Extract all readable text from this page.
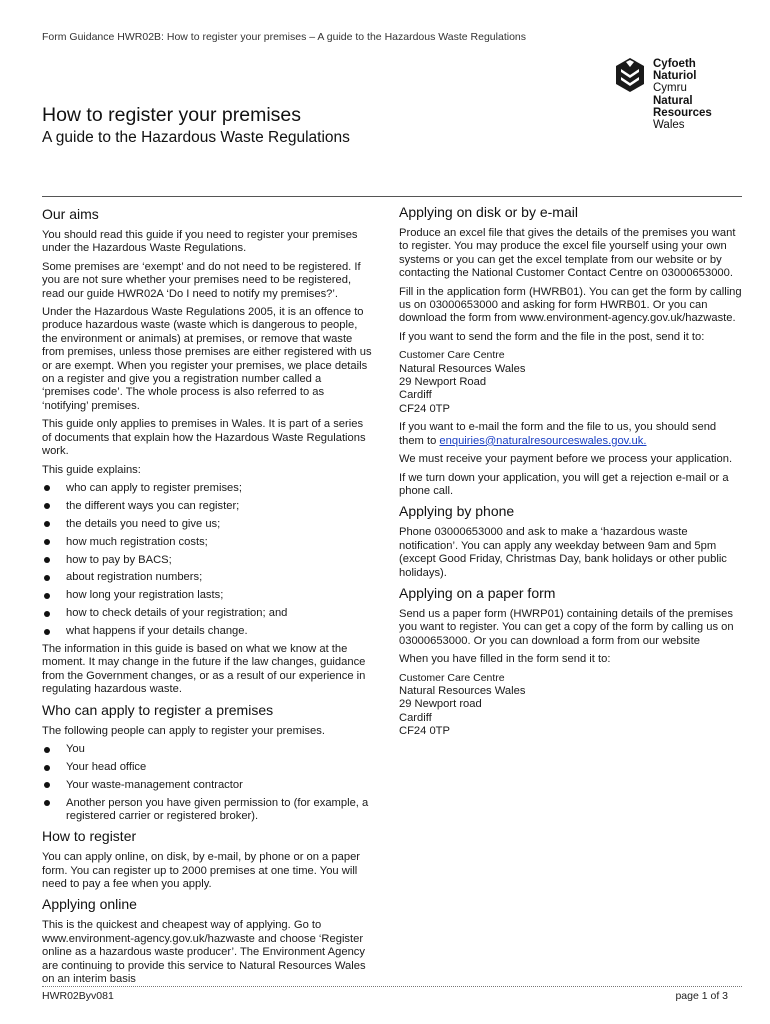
Form Guidance HWR02B: How to register your premises – A guide to the Hazardous Waste Regulations
Cyfoeth
Naturiol
Cymru
Natural
Resources
Wales
How to register your premises
A guide to the Hazardous Waste Regulations
Our aims

You should read this guide if you need to register your premises under the Hazardous Waste Regulations.

Some premises are ‘exempt’ and do not need to be registered. If you are not sure whether your premises need to be registered, read our guide HWR02A ‘Do I need to notify my premises?’.

Under the Hazardous Waste Regulations 2005, it is an offence to produce hazardous waste (waste which is dangerous to people, the environment or animals) at premises, or remove that waste from premises, unless those premises are either registered with us or are exempt. When you register your premises, we place details on a register and give you a registration number called a ‘premises code’. The whole process is also referred to as ‘notifying’ premises.

This guide only applies to premises in Wales. It is part of a series of documents that explain how the Hazardous Waste Regulations work.

This guide explains:

who can apply to register premises;
the different ways you can register;
the details you need to give us;
how much registration costs;
how to pay by BACS;
about registration numbers;
how long your registration lasts;
how to check details of your registration; and
what happens if your details change.

The information in this guide is based on what we know at the moment. It may change in the future if the law changes, guidance from the Government changes, or as a result of our experience in regulating hazardous waste.

Who can apply to register a premises

The following people can apply to register your premises.

You
Your head office
Your waste-management contractor
Another person you have given permission to (for example, a registered carrier or registered broker).
How to register

You can apply online, on disk, by e-mail, by phone or on a paper form. You can register up to 2000 premises at one time. You will need to pay a fee when you apply.

Applying online

This is the quickest and cheapest way of applying. Go to www.environment-agency.gov.uk/hazwaste and choose ‘Register online as a hazardous waste producer’. The Environment Agency are continuing to provide this service to Natural Resources Wales on an interim basis

Applying on disk or by e-mail

Produce an excel file that gives the details of the premises you want to register. You may produce the excel file yourself using your own systems or you can get the excel template from our website or by contacting the National Customer Contact Centre on 03000653000.

Fill in the application form (HWRB01). You can get the form by calling us on 03000653000 and asking for form HWRB01. Or you can download the form from www.environment-agency.gov.uk/hazwaste.

If you want to send the form and the file in the post, send it to:

Customer Care Centre
Natural Resources Wales
29 Newport Road
Cardiff
CF24 0TP

If you want to e-mail the form and the file to us, you should send them to enquiries@naturalresourceswales.gov.uk.

We must receive your payment before we process your application.

If we turn down your application, you will get a rejection e-mail or a phone call.

Applying by phone

Phone 03000653000 and ask to make a ‘hazardous waste notification’. You can apply any weekday between 9am and 5pm (except Good Friday, Christmas Day, bank holidays or other public holidays).

Applying on a paper form

Send us a paper form (HWRP01) containing details of the premises you want to register. You can get a copy of the form by calling us on 03000653000. Or you can download a form from our website

When you have filled in the form send it to:

Customer Care Centre
Natural Resources Wales
29 Newport road
Cardiff
CF24 0TP
HWR02Byv081	page 1 of 3
